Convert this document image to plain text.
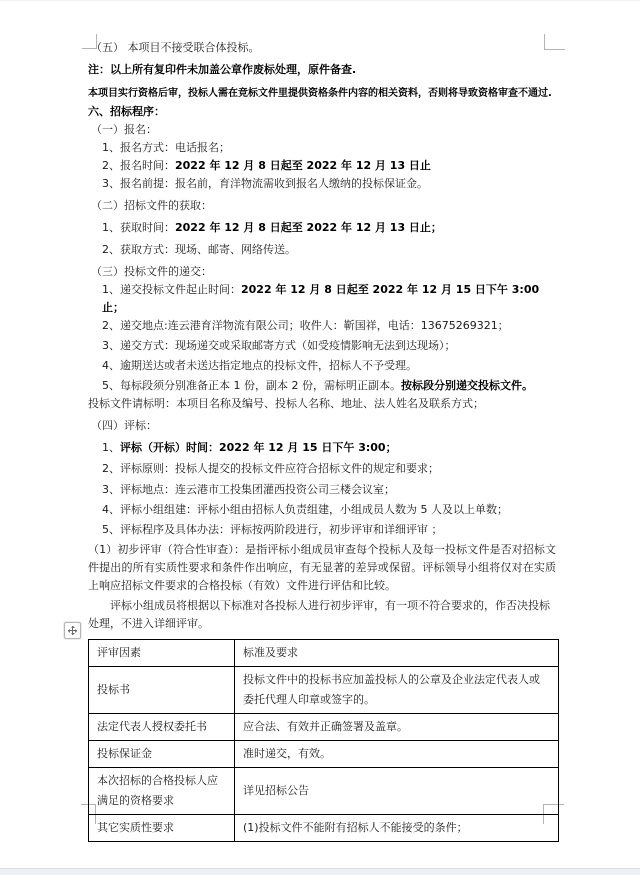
（五） 本项目不接受联合体投标。

注：以上所有复印件未加盖公章作废标处理，原件备查.

本项目实行资格后审，投标人需在竞标文件里提供资格条件内容的相关资料，否则将导致资格审查不通过.

六、招标程序：

（一）报名：

1、报名方式：电话报名；

2、报名时间：2022 年 12 月 8 日起至 2022 年 12 月 13 日止

3、报名前提：报名前，育洋物流需收到报名人缴纳的投标保证金。

（二）招标文件的获取：

1、获取时间：2022 年 12 月 8 日起至 2022 年 12 月 13 日止；

2、获取方式：现场、邮寄、网络传送。

（三）投标文件的递交：

1、递交投标文件起止时间：2022 年 12 月 8 日起至 2022 年 12 月 15 日下午 3:00 止；

2、递交地点:连云港育洋物流有限公司；收件人：靳国祥，电话：13675269321；

3、递交方式：现场递交或采取邮寄方式（如受疫情影响无法到达现场）；

4、逾期送达或者未送达指定地点的投标文件，招标人不予受理。

5、每标段须分别准备正本 1 份，副本 2 份，需标明正副本。按标段分别递交投标文件。

投标文件请标明：本项目名称及编号、投标人名称、地址、法人姓名及联系方式；

（四）评标：

1、评标（开标）时间：2022 年 12 月 15 日下午 3:00；

2、评标原则：投标人提交的投标文件应符合招标文件的规定和要求；

3、评标地点：连云港市工投集团灌西投资公司三楼会议室；

4、评标小组组建：评标小组由招标人负责组建，小组成员人数为 5 人及以上单数；

5、评标程序及具体办法：评标按两阶段进行，初步评审和详细评审 ；

（1）初步评审（符合性审查）：是指评标小组成员审查每个投标人及每一投标文件是否对招标文件提出的所有实质性要求和条件作出响应，有无显著的差异或保留。评标领导小组将仅对在实质上响应招标文件要求的合格投标（有效）文件进行评估和比较。

评标小组成员将根据以下标准对各投标人进行初步评审，有一项不符合要求的，作否决投标处理，不进入详细评审。

评审因素	标准及要求
投标书	投标文件中的投标书应加盖投标人的公章及企业法定代表人或委托代理人印章或签字的。
法定代表人授权委托书	应合法、有效并正确签署及盖章。
投标保证金	准时递交，有效。
本次招标的合格投标人应满足的资格要求	详见招标公告
其它实质性要求	(1)投标文件不能附有招标人不能接受的条件；
